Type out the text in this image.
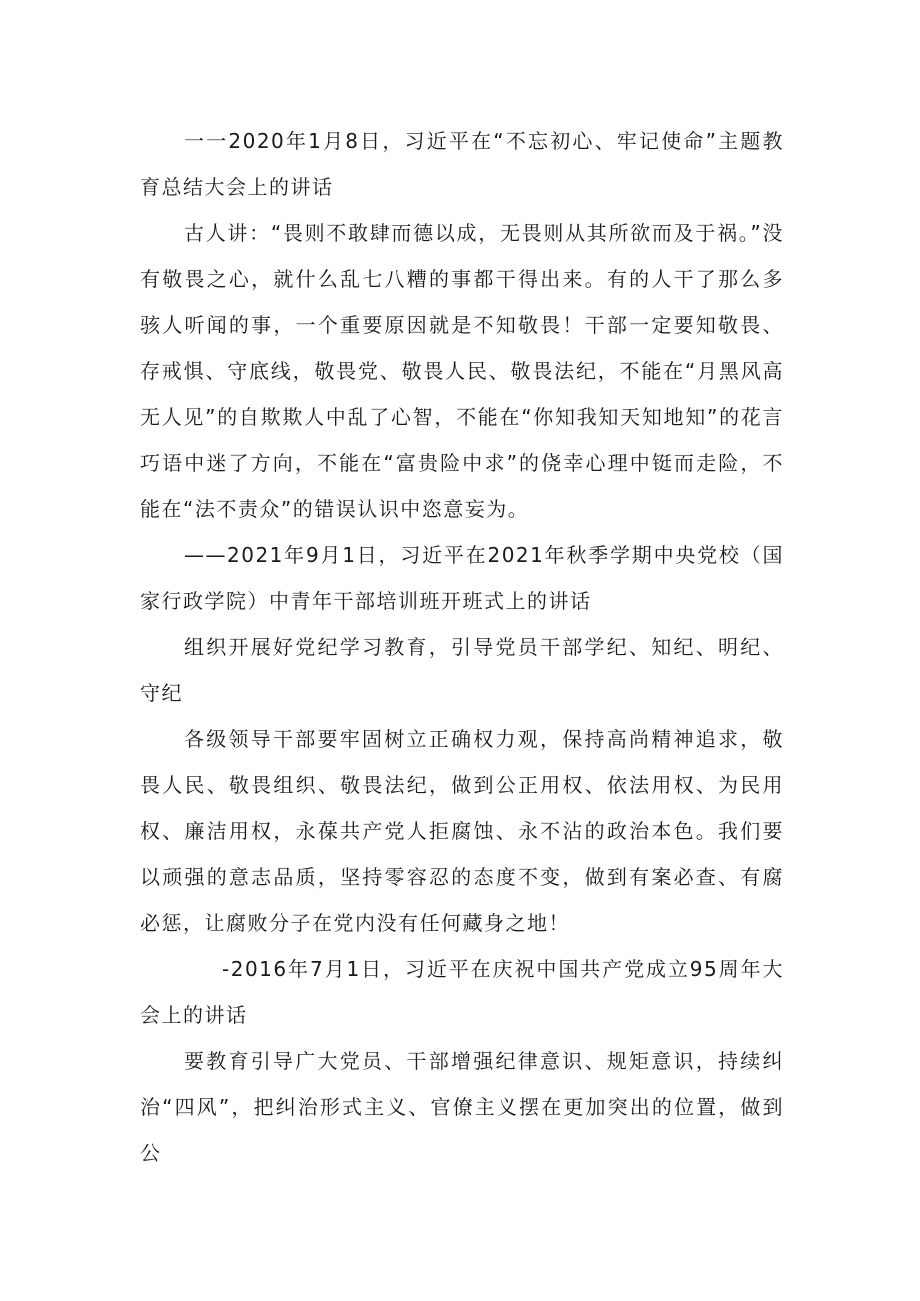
一一2020年1月8日，习近平在“不忘初心、牢记使命”主题教育总结大会上的讲话

古人讲：“畏则不敢肆而德以成，无畏则从其所欲而及于祸。”没有敬畏之心，就什么乱七八糟的事都干得出来。有的人干了那么多骇人听闻的事，一个重要原因就是不知敬畏！干部一定要知敬畏、存戒惧、守底线，敬畏党、敬畏人民、敬畏法纪，不能在“月黑风高无人见”的自欺欺人中乱了心智，不能在“你知我知天知地知”的花言巧语中迷了方向，不能在“富贵险中求”的侥幸心理中铤而走险，不能在“法不责众”的错误认识中恣意妄为。

——2021年9月1日，习近平在2021年秋季学期中央党校（国家行政学院）中青年干部培训班开班式上的讲话

组织开展好党纪学习教育，引导党员干部学纪、知纪、明纪、守纪

各级领导干部要牢固树立正确权力观，保持高尚精神追求，敬畏人民、敬畏组织、敬畏法纪，做到公正用权、依法用权、为民用权、廉洁用权，永葆共产党人拒腐蚀、永不沾的政治本色。我们要以顽强的意志品质，坚持零容忍的态度不变，做到有案必查、有腐必惩，让腐败分子在党内没有任何藏身之地！

-2016年7月1日，习近平在庆祝中国共产党成立95周年大会上的讲话

要教育引导广大党员、干部增强纪律意识、规矩意识，持续纠治“四风”，把纠治形式主义、官僚主义摆在更加突出的位置，做到公
